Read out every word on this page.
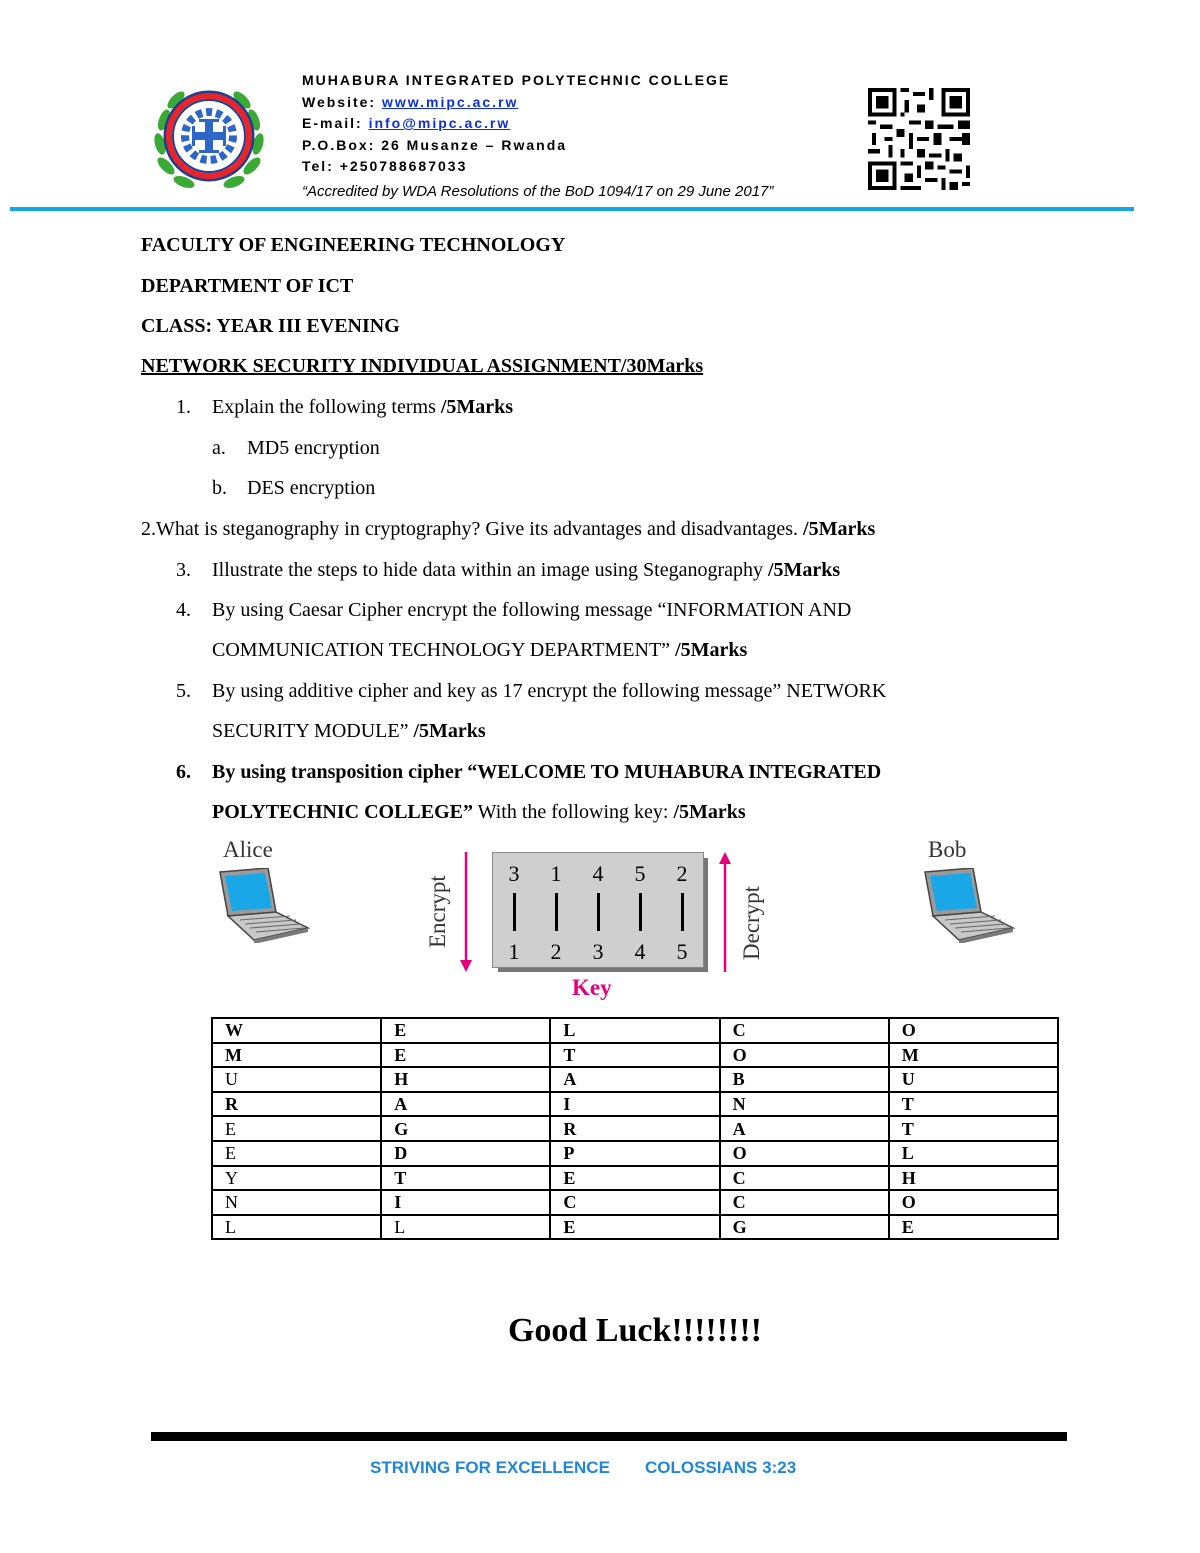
MUHABURA INTEGRATED POLYTECHNIC COLLEGE
Website: www.mipc.ac.rw
E-mail: info@mipc.ac.rw
P.O.Box: 26 Musanze – Rwanda
Tel: +250788687033
“Accredited by WDA Resolutions of the BoD 1094/17 on 29 June 2017”
FACULTY OF ENGINEERING TECHNOLOGY
DEPARTMENT OF ICT
CLASS: YEAR III EVENING
NETWORK SECURITY INDIVIDUAL ASSIGNMENT/30Marks
1. Explain the following terms /5Marks
a. MD5 encryption
b. DES encryption
2.What is steganography in cryptography? Give its advantages and disadvantages. /5Marks
3. Illustrate the steps to hide data within an image using Steganography /5Marks
4. By using Caesar Cipher encrypt the following message “INFORMATION AND
COMMUNICATION TECHNOLOGY DEPARTMENT” /5Marks
5. By using additive cipher and key as 17 encrypt the following message” NETWORK
SECURITY MODULE” /5Marks
6. By using transposition cipher “WELCOME TO MUHABURA INTEGRATED
POLYTECHNIC COLLEGE” With the following key: /5Marks
Alice	Bob
Encrypt	Decrypt
3 1 4 5 2
1 2 3 4 5
Key
W	E	L	C	O
M	E	T	O	M
U	H	A	B	U
R	A	I	N	T
E	G	R	A	T
E	D	P	O	L
Y	T	E	C	H
N	I	C	C	O
L	L	E	G	E
Good Luck!!!!!!!!
STRIVING FOR EXCELLENCE COLOSSIANS 3:23
